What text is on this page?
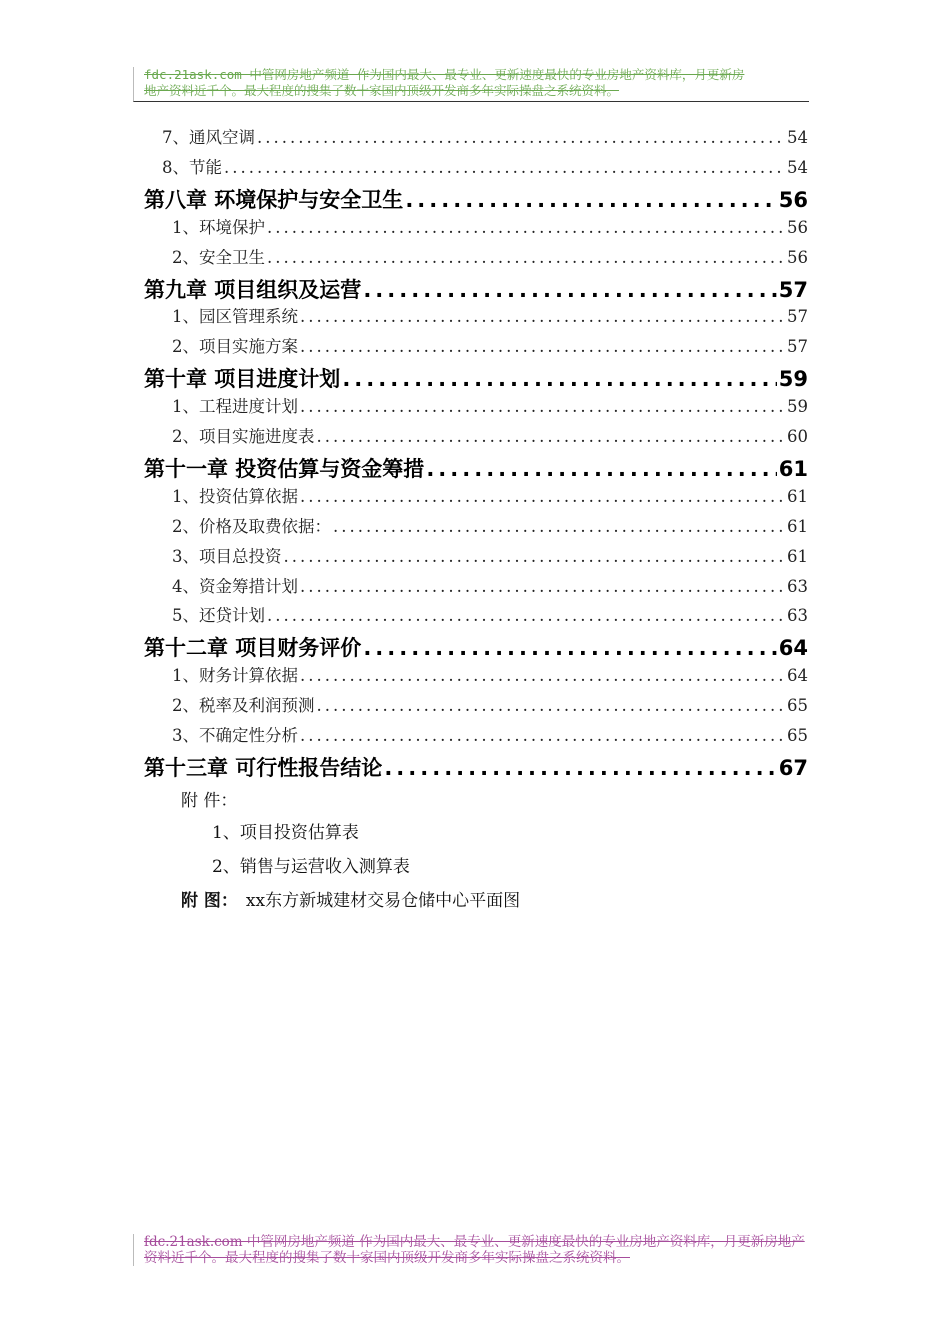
fdc.21ask.com 中管网房地产频道 作为国内最大、最专业、更新速度最快的专业房地产资料库，月更新房
地产资料近千个。最大程度的搜集了数十家国内顶级开发商多年实际操盘之系统资料。
7、通风空调 .....	54
8、节能 .....	54
第八章 环境保护与安全卫生 .....	56
1、环境保护 .....	56
2、安全卫生 .....	56
第九章 项目组织及运营 .....	57
1、园区管理系统 .....	57
2、项目实施方案 .....	57
第十章 项目进度计划 .....	59
1、工程进度计划 .....	59
2、项目实施进度表 .....	60
第十一章 投资估算与资金筹措 .....	61
1、投资估算依据 .....	61
2、价格及取费依据： .....	61
3、项目总投资 .....	61
4、资金筹措计划 .....	63
5、还贷计划 .....	63
第十二章 项目财务评价 .....	64
1、财务计算依据 .....	64
2、税率及利润预测 .....	65
3、不确定性分析 .....	65
第十三章 可行性报告结论 .....	67
附 件：
1、项目投资估算表
2、销售与运营收入测算表
附 图： xx东方新城建材交易仓储中心平面图
fdc.21ask.com 中管网房地产频道 作为国内最大、最专业、更新速度最快的专业房地产资料库，月更新房地产
资料近千个。最大程度的搜集了数十家国内顶级开发商多年实际操盘之系统资料。
